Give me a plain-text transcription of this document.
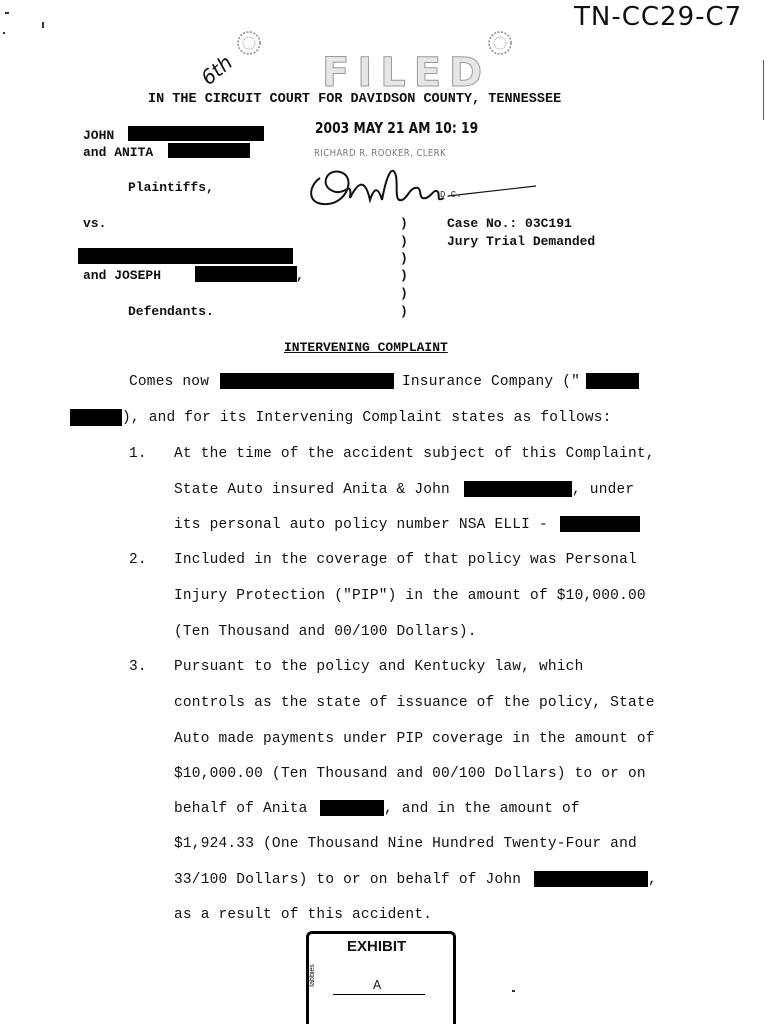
TN-CC29-C7
6th FILED
IN THE CIRCUIT COURT FOR DAVIDSON COUNTY, TENNESSEE
2003 MAY 21 AM 10: 19
RICHARD R. ROOKER, CLERK
D.C.
JOHN
and ANITA
Plaintiffs,
vs.
and JOSEPH	,
Defendants.
)
)
)
)
)
)
Case No.: 03C191
Jury Trial Demanded
INTERVENING COMPLAINT
Comes now	Insurance Company ("
), and for its Intervening Complaint states as follows:
1. At the time of the accident subject of this Complaint,
State Auto insured Anita & John	, under
its personal auto policy number NSA ELLI -
2. Included in the coverage of that policy was Personal
Injury Protection ("PIP") in the amount of $10,000.00
(Ten Thousand and 00/100 Dollars).
3. Pursuant to the policy and Kentucky law, which
controls as the state of issuance of the policy, State
Auto made payments under PIP coverage in the amount of
$10,000.00 (Ten Thousand and 00/100 Dollars) to or on
behalf of Anita	, and in the amount of
$1,924.33 (One Thousand Nine Hundred Twenty-Four and
33/100 Dollars) to or on behalf of John	,
as a result of this accident.
EXHIBIT
tabbies	A
